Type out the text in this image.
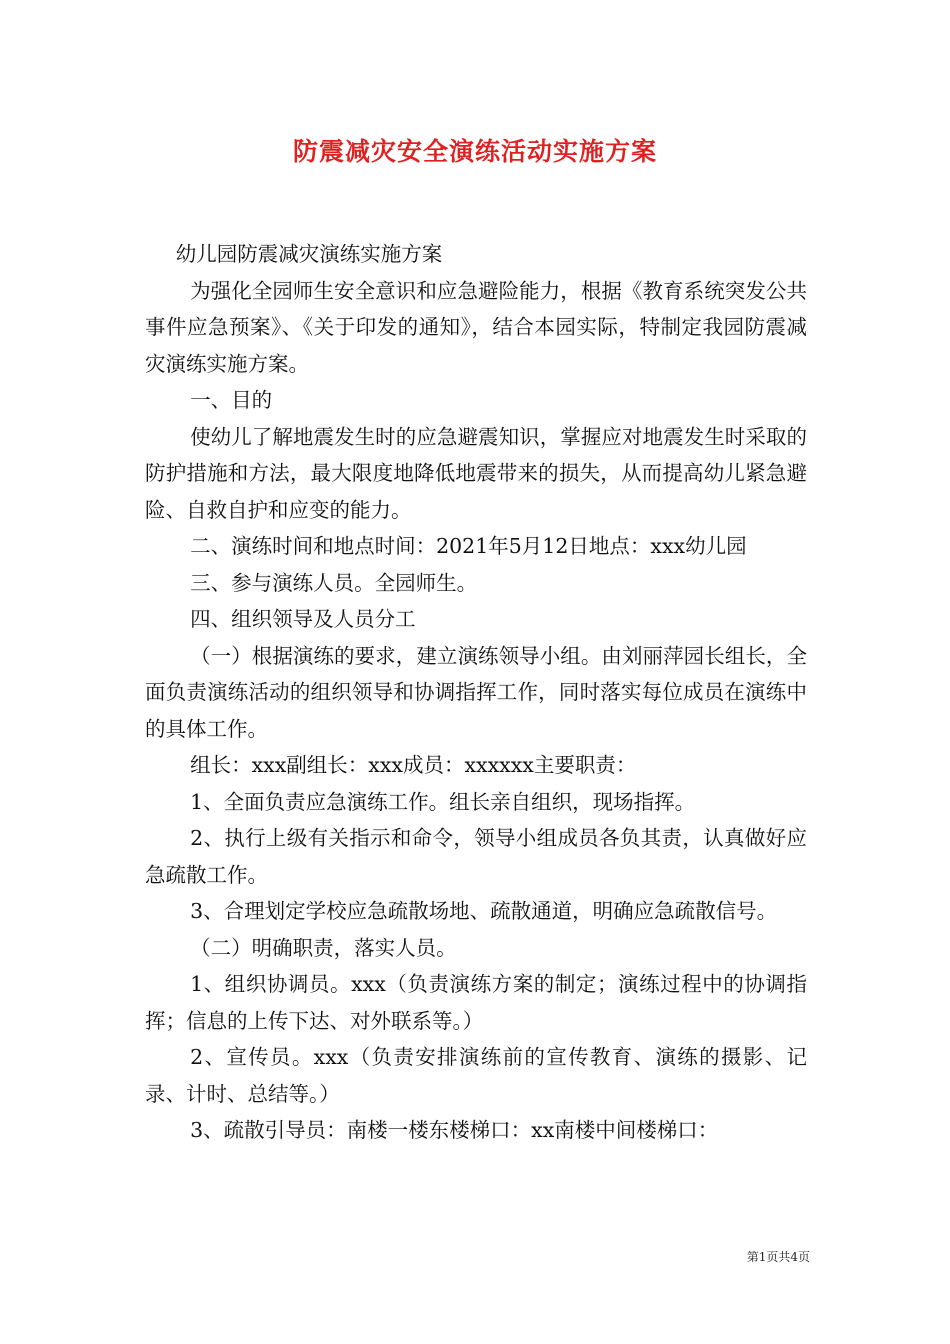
防震减灾安全演练活动实施方案

幼儿园防震减灾演练实施方案

为强化全园师生安全意识和应急避险能力，根据《教育系统突发公共事件应急预案》、《关于印发的通知》，结合本园实际，特制定我园防震减灾演练实施方案。

一、目的

使幼儿了解地震发生时的应急避震知识，掌握应对地震发生时采取的防护措施和方法，最大限度地降低地震带来的损失，从而提高幼儿紧急避险、自救自护和应变的能力。

二、演练时间和地点时间：2021年5月12日地点：xxx幼儿园

三、参与演练人员。全园师生。

四、组织领导及人员分工

（一）根据演练的要求，建立演练领导小组。由刘丽萍园长组长，全面负责演练活动的组织领导和协调指挥工作，同时落实每位成员在演练中的具体工作。

组长：xxx副组长：xxx成员：xxxxxx主要职责：

1、全面负责应急演练工作。组长亲自组织，现场指挥。

2、执行上级有关指示和命令，领导小组成员各负其责，认真做好应急疏散工作。

3、合理划定学校应急疏散场地、疏散通道，明确应急疏散信号。

（二）明确职责，落实人员。

1、组织协调员。xxx（负责演练方案的制定；演练过程中的协调指挥；信息的上传下达、对外联系等。）

2、宣传员。xxx（负责安排演练前的宣传教育、演练的摄影、记录、计时、总结等。）

3、疏散引导员：南楼一楼东楼梯口：xx南楼中间楼梯口：

第1页共4页
